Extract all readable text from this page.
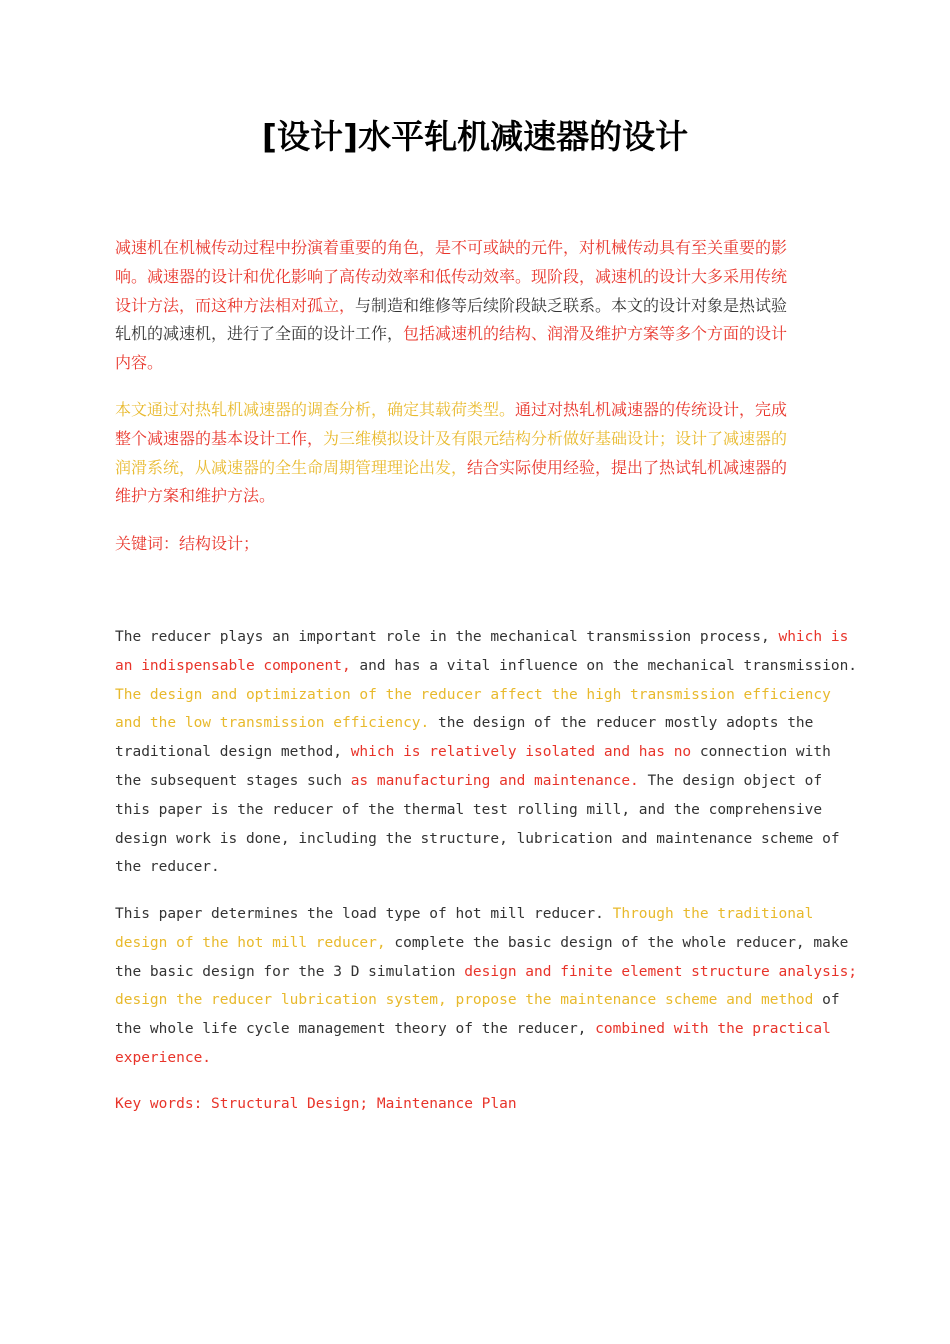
[设计]水平轧机减速器的设计
减速机在机械传动过程中扮演着重要的角色，是不可或缺的元件，对机械传动具有至关重要的影
响。减速器的设计和优化影响了高传动效率和低传动效率。现阶段，减速机的设计大多采用传统
设计方法，而这种方法相对孤立，与制造和维修等后续阶段缺乏联系。本文的设计对象是热试验
轧机的减速机，进行了全面的设计工作，包括减速机的结构、润滑及维护方案等多个方面的设计
内容。
本文通过对热轧机减速器的调查分析，确定其载荷类型。通过对热轧机减速器的传统设计，完成
整个减速器的基本设计工作，为三维模拟设计及有限元结构分析做好基础设计；设计了减速器的
润滑系统，从减速器的全生命周期管理理论出发，结合实际使用经验，提出了热试轧机减速器的
维护方案和维护方法。
关键词：结构设计；
The reducer plays an important role in the mechanical transmission process, which is
an indispensable component, and has a vital influence on the mechanical transmission.
The design and optimization of the reducer affect the high transmission efficiency
and the low transmission efficiency. the design of the reducer mostly adopts the
traditional design method, which is relatively isolated and has no connection with
the subsequent stages such as manufacturing and maintenance. The design object of
this paper is the reducer of the thermal test rolling mill, and the comprehensive
design work is done, including the structure, lubrication and maintenance scheme of
the reducer.
This paper determines the load type of hot mill reducer. Through the traditional
design of the hot mill reducer, complete the basic design of the whole reducer, make
the basic design for the 3 D simulation design and finite element structure analysis;
design the reducer lubrication system, propose the maintenance scheme and method of
the whole life cycle management theory of the reducer, combined with the practical
experience.
Key words: Structural Design; Maintenance Plan
